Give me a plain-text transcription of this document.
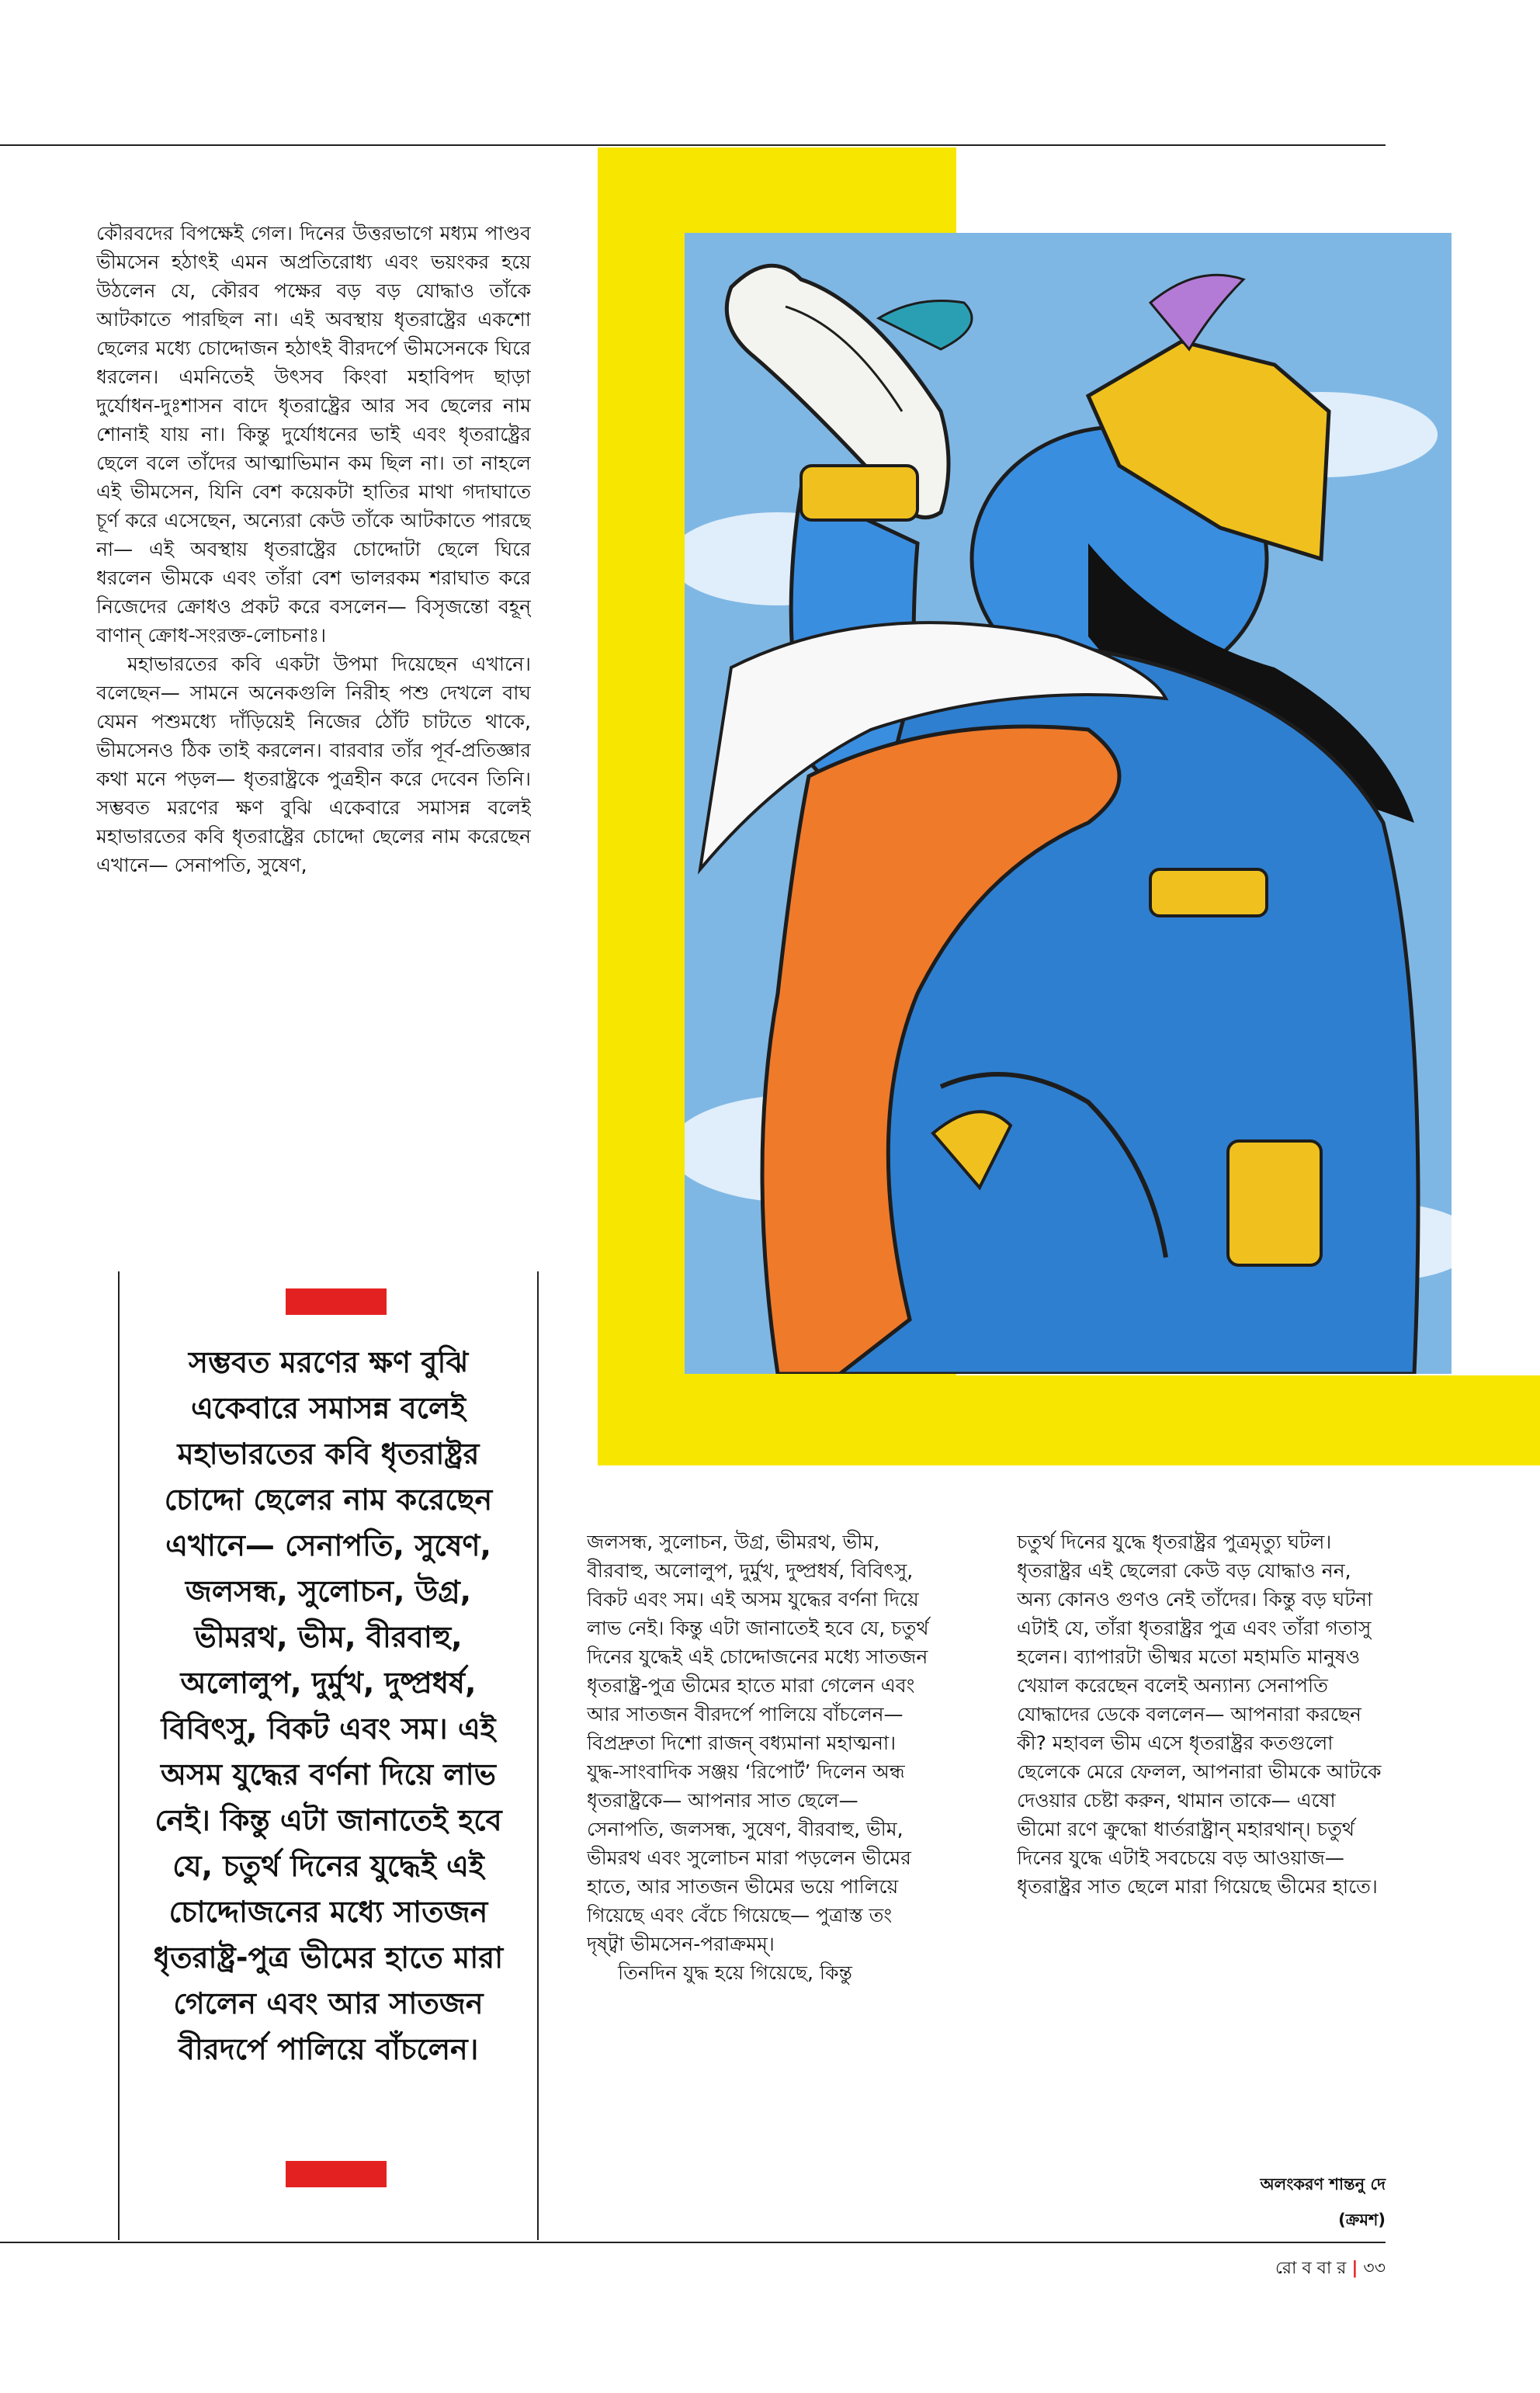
কৌরবদের বিপক্ষেই গেল। দিনের উত্তরভাগে মধ্যম পাণ্ডব ভীমসেন হঠাৎই এমন অপ্রতিরোধ্য এবং ভয়ংকর হয়ে উঠলেন যে, কৌরব পক্ষের বড় বড় যোদ্ধাও তাঁকে আটকাতে পারছিল না। এই অবস্থায় ধৃতরাষ্ট্রের একশো ছেলের মধ্যে চোদ্দোজন হঠাৎই বীরদর্পে ভীমসেনকে ঘিরে ধরলেন। এমনিতেই উৎসব কিংবা মহাবিপদ ছাড়া দুর্যোধন-দুঃশাসন বাদে ধৃতরাষ্ট্রের আর সব ছেলের নাম শোনাই যায় না। কিন্তু দুর্যোধনের ভাই এবং ধৃতরাষ্ট্রের ছেলে বলে তাঁদের আত্মাভিমান কম ছিল না। তা নাহলে এই ভীমসেন, যিনি বেশ কয়েকটা হাতির মাথা গদাঘাতে চূর্ণ করে এসেছেন, অন্যেরা কেউ তাঁকে আটকাতে পারছে না— এই অবস্থায় ধৃতরাষ্ট্রের চোদ্দোটা ছেলে ঘিরে ধরলেন ভীমকে এবং তাঁরা বেশ ভালরকম শরাঘাত করে নিজেদের ক্রোধও প্রকট করে বসলেন— বিসৃজন্তো বহূন্ বাণান্ ক্রোধ-সংরক্ত-লোচনাঃ।

মহাভারতের কবি একটা উপমা দিয়েছেন এখানে। বলেছেন— সামনে অনেকগুলি নিরীহ পশু দেখলে বাঘ যেমন পশুমধ্যে দাঁড়িয়েই নিজের ঠোঁট চাটতে থাকে, ভীমসেনও ঠিক তাই করলেন। বারবার তাঁর পূর্ব-প্রতিজ্ঞার কথা মনে পড়ল— ধৃতরাষ্ট্রকে পুত্রহীন করে দেবেন তিনি। সম্ভবত মরণের ক্ষণ বুঝি একেবারে সমাসন্ন বলেই মহাভারতের কবি ধৃতরাষ্ট্রের চোদ্দো ছেলের নাম করেছেন এখানে— সেনাপতি, সুষেণ,

সম্ভবত মরণের ক্ষণ বুঝি একেবারে সমাসন্ন বলেই মহাভারতের কবি ধৃতরাষ্ট্রর চোদ্দো ছেলের নাম করেছেন এখানে— সেনাপতি, সুষেণ, জলসন্ধ, সুলোচন, উগ্র, ভীমরথ, ভীম, বীরবাহু, অলোলুপ, দুর্মুখ, দুষ্প্রধর্ষ, বিবিৎসু, বিকট এবং সম। এই অসম যুদ্ধের বর্ণনা দিয়ে লাভ নেই। কিন্তু এটা জানাতেই হবে যে, চতুর্থ দিনের যুদ্ধেই এই চোদ্দোজনের মধ্যে সাতজন ধৃতরাষ্ট্র-পুত্র ভীমের হাতে মারা গেলেন এবং আর সাতজন বীরদর্পে পালিয়ে বাঁচলেন।

জলসন্ধ, সুলোচন, উগ্র, ভীমরথ, ভীম, বীরবাহু, অলোলুপ, দুর্মুখ, দুষ্প্রধর্ষ, বিবিৎসু, বিকট এবং সম। এই অসম যুদ্ধের বর্ণনা দিয়ে লাভ নেই। কিন্তু এটা জানাতেই হবে যে, চতুর্থ দিনের যুদ্ধেই এই চোদ্দোজনের মধ্যে সাতজন ধৃতরাষ্ট্র-পুত্র ভীমের হাতে মারা গেলেন এবং আর সাতজন বীরদর্পে পালিয়ে বাঁচলেন— বিপ্রদ্রুতা দিশো রাজন্ বধ্যমানা মহাত্মনা। যুদ্ধ-সাংবাদিক সঞ্জয় ‘রিপোর্ট’ দিলেন অন্ধ ধৃতরাষ্ট্রকে— আপনার সাত ছেলে— সেনাপতি, জলসন্ধ, সুষেণ, বীরবাহু, ভীম, ভীমরথ এবং সুলোচন মারা পড়লেন ভীমের হাতে, আর সাতজন ভীমের ভয়ে পালিয়ে গিয়েছে এবং বেঁচে গিয়েছে— পুত্রাস্ত তং দৃষ্ট্বা ভীমসেন-পরাক্রমম্।

তিনদিন যুদ্ধ হয়ে গিয়েছে, কিন্তু

চতুর্থ দিনের যুদ্ধে ধৃতরাষ্ট্রর পুত্রমৃত্যু ঘটল। ধৃতরাষ্ট্রর এই ছেলেরা কেউ বড় যোদ্ধাও নন, অন্য কোনও গুণও নেই তাঁদের। কিন্তু বড় ঘটনা এটাই যে, তাঁরা ধৃতরাষ্ট্রর পুত্র এবং তাঁরা গতাসু হলেন। ব্যাপারটা ভীষ্মর মতো মহামতি মানুষও খেয়াল করেছেন বলেই অন্যান্য সেনাপতি যোদ্ধাদের ডেকে বললেন— আপনারা করছেন কী? মহাবল ভীম এসে ধৃতরাষ্ট্রর কতগুলো ছেলেকে মেরে ফেলল, আপনারা ভীমকে আটকে দেওয়ার চেষ্টা করুন, থামান তাকে— এষো ভীমো রণে ক্রুদ্ধো ধার্তরাষ্ট্রান্ মহারথান্। চতুর্থ দিনের যুদ্ধে এটাই সবচেয়ে বড় আওয়াজ— ধৃতরাষ্ট্রর সাত ছেলে মারা গিয়েছে ভীমের হাতে।

অলংকরণ শান্তনু দে
(ক্রমশ)
রো ব বা র | ৩৩
